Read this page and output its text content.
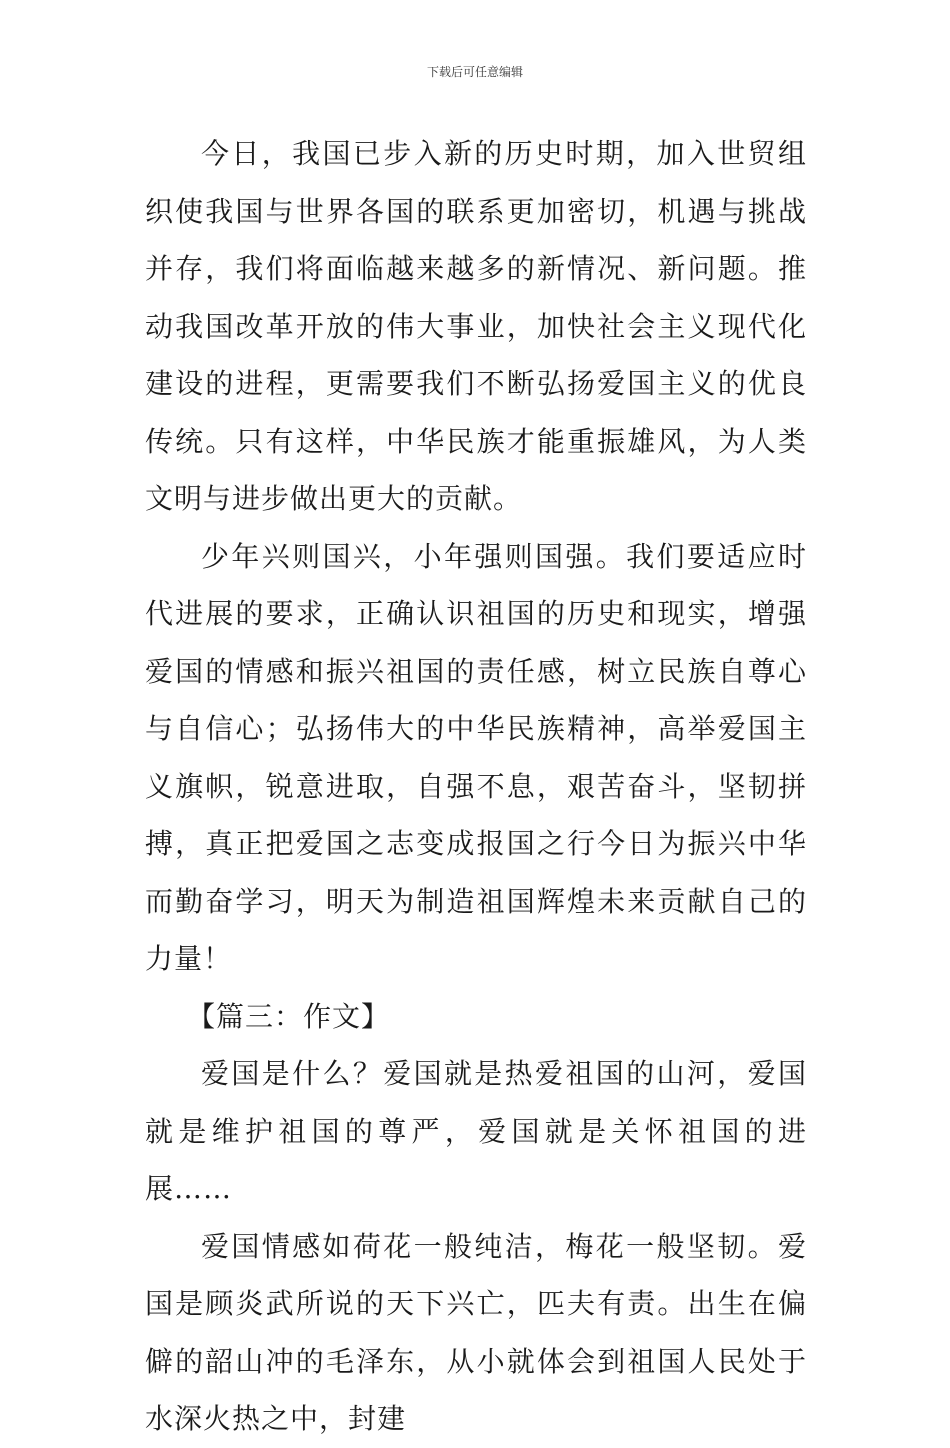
下载后可任意编辑

今日，我国已步入新的历史时期，加入世贸组织使我国与世界各国的联系更加密切，机遇与挑战并存，我们将面临越来越多的新情况、新问题。推动我国改革开放的伟大事业，加快社会主义现代化建设的进程，更需要我们不断弘扬爱国主义的优良传统。只有这样，中华民族才能重振雄风，为人类文明与进步做出更大的贡献。

少年兴则国兴，小年强则国强。我们要适应时代进展的要求，正确认识祖国的历史和现实，增强爱国的情感和振兴祖国的责任感，树立民族自尊心与自信心；弘扬伟大的中华民族精神，高举爱国主义旗帜，锐意进取，自强不息，艰苦奋斗，坚韧拼搏，真正把爱国之志变成报国之行今日为振兴中华而勤奋学习，明天为制造祖国辉煌未来贡献自己的力量！

【篇三：作文】

爱国是什么？爱国就是热爱祖国的山河，爱国就是维护祖国的尊严，爱国就是关怀祖国的进展……

爱国情感如荷花一般纯洁，梅花一般坚韧。爱国是顾炎武所说的天下兴亡，匹夫有责。出生在偏僻的韶山冲的毛泽东，从小就体会到祖国人民处于水深火热之中，封建
